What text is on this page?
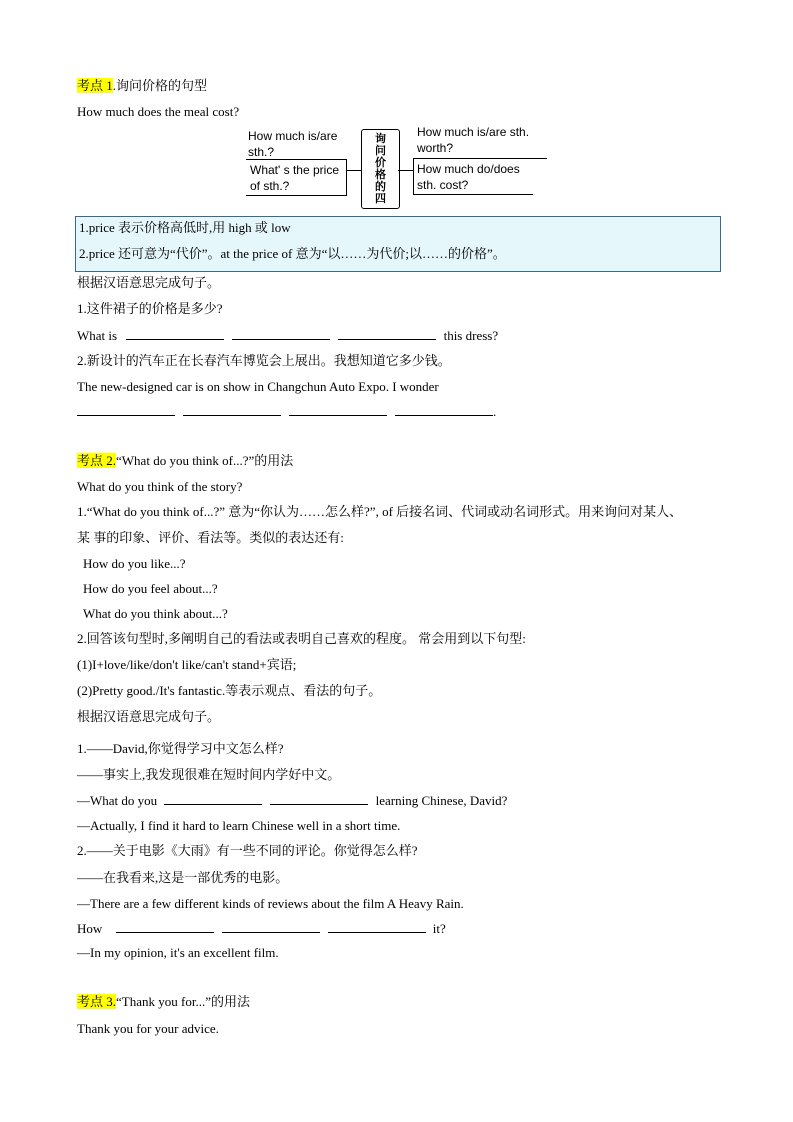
考点 1.询问价格的句型
How much does the meal cost?
How much is/are
sth.?
What' s the price
of sth.?
询
问
价
格
的
四
How much is/are sth.
worth?
How much do/does
sth. cost?
1.price 表示价格高低时,用 high 或 low
2.price 还可意为“代价”。at the price of 意为“以……为代价;以……的价格”。
根据汉语意思完成句子。
1.这件裙子的价格是多少?
What is	this dress?
2.新设计的汽车正在长春汽车博览会上展出。我想知道它多少钱。
The new-designed car is on show in Changchun Auto Expo. I wonder
.
考点 2.“What do you think of...?”的用法
What do you think of the story?
1.“What do you think of...?” 意为“你认为……怎么样?”, of 后接名词、代词或动名词形式。用来询问对某人、
某 事的印象、评价、看法等。类似的表达还有:
How do you like...?
How do you feel about...?
What do you think about...?
2.回答该句型时,多阐明自己的看法或表明自己喜欢的程度。 常会用到以下句型:
(1)I+love/like/don't like/can't stand+宾语;
(2)Pretty good./It's fantastic.等表示观点、看法的句子。
根据汉语意思完成句子。
1.——David,你觉得学习中文怎么样?
——事实上,我发现很难在短时间内学好中文。
—What do you	learning Chinese, David?
—Actually, I find it hard to learn Chinese well in a short time.
2.——关于电影《大雨》有一些不同的评论。你觉得怎么样?
——在我看来,这是一部优秀的电影。
—There are a few different kinds of reviews about the film A Heavy Rain.
How	it?
—In my opinion, it's an excellent film.
考点 3.“Thank you for...”的用法
Thank you for your advice.
